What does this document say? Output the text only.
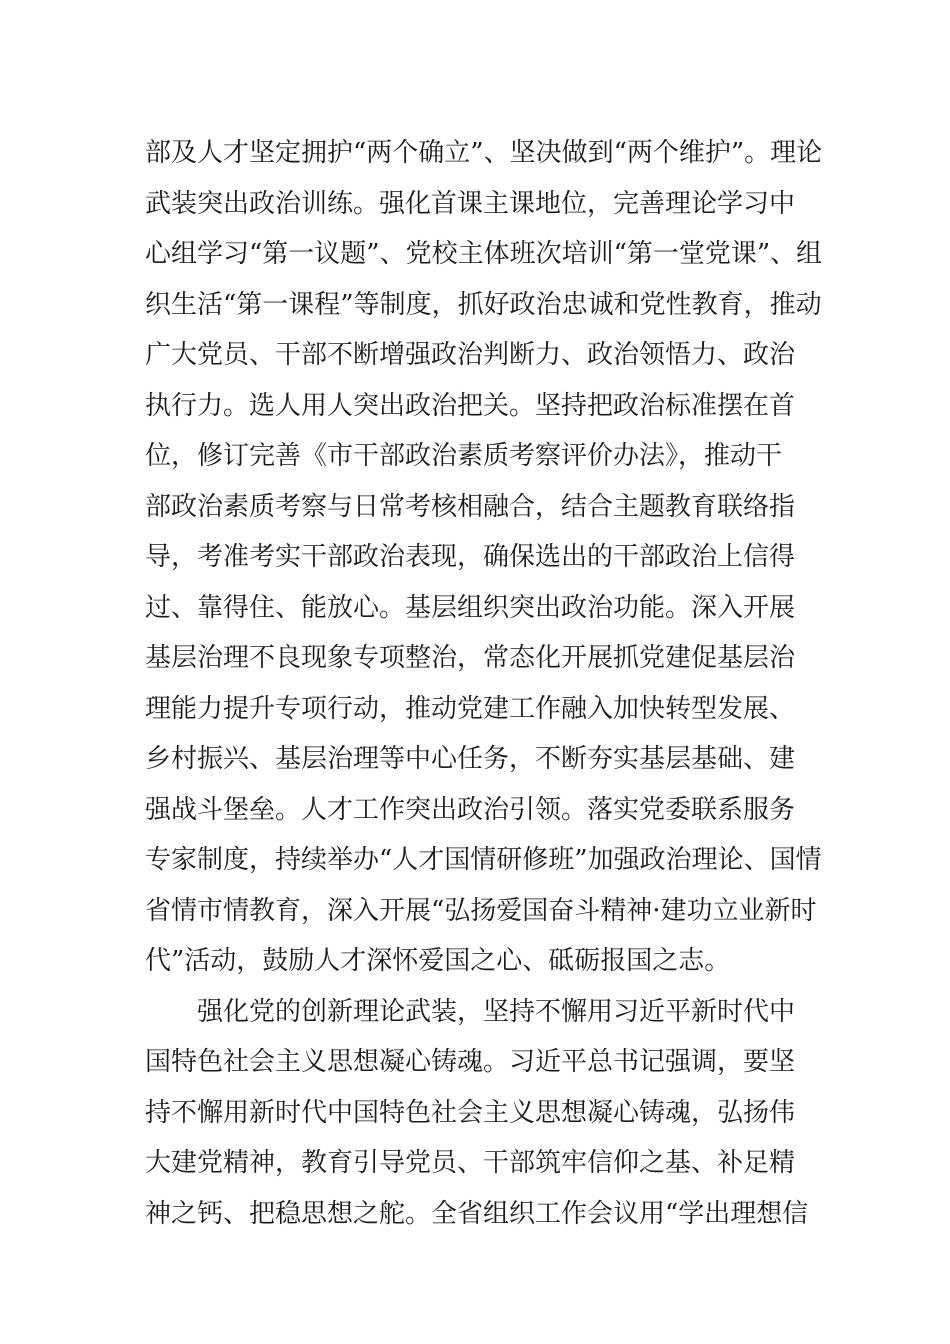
部及人才坚定拥护“两个确立”、坚决做到“两个维护”。理论
武装突出政治训练。强化首课主课地位，完善理论学习中
心组学习“第一议题”、党校主体班次培训“第一堂党课”、组
织生活“第一课程”等制度，抓好政治忠诚和党性教育，推动
广大党员、干部不断增强政治判断力、政治领悟力、政治
执行力。选人用人突出政治把关。坚持把政治标准摆在首
位，修订完善《市干部政治素质考察评价办法》，推动干
部政治素质考察与日常考核相融合，结合主题教育联络指
导，考准考实干部政治表现，确保选出的干部政治上信得
过、靠得住、能放心。基层组织突出政治功能。深入开展
基层治理不良现象专项整治，常态化开展抓党建促基层治
理能力提升专项行动，推动党建工作融入加快转型发展、
乡村振兴、基层治理等中心任务，不断夯实基层基础、建
强战斗堡垒。人才工作突出政治引领。落实党委联系服务
专家制度，持续举办“人才国情研修班”加强政治理论、国情
省情市情教育，深入开展“弘扬爱国奋斗精神·建功立业新时
代”活动，鼓励人才深怀爱国之心、砥砺报国之志。
强化党的创新理论武装，坚持不懈用习近平新时代中
国特色社会主义思想凝心铸魂。习近平总书记强调，要坚
持不懈用新时代中国特色社会主义思想凝心铸魂，弘扬伟
大建党精神，教育引导党员、干部筑牢信仰之基、补足精
神之钙、把稳思想之舵。全省组织工作会议用“学出理想信
